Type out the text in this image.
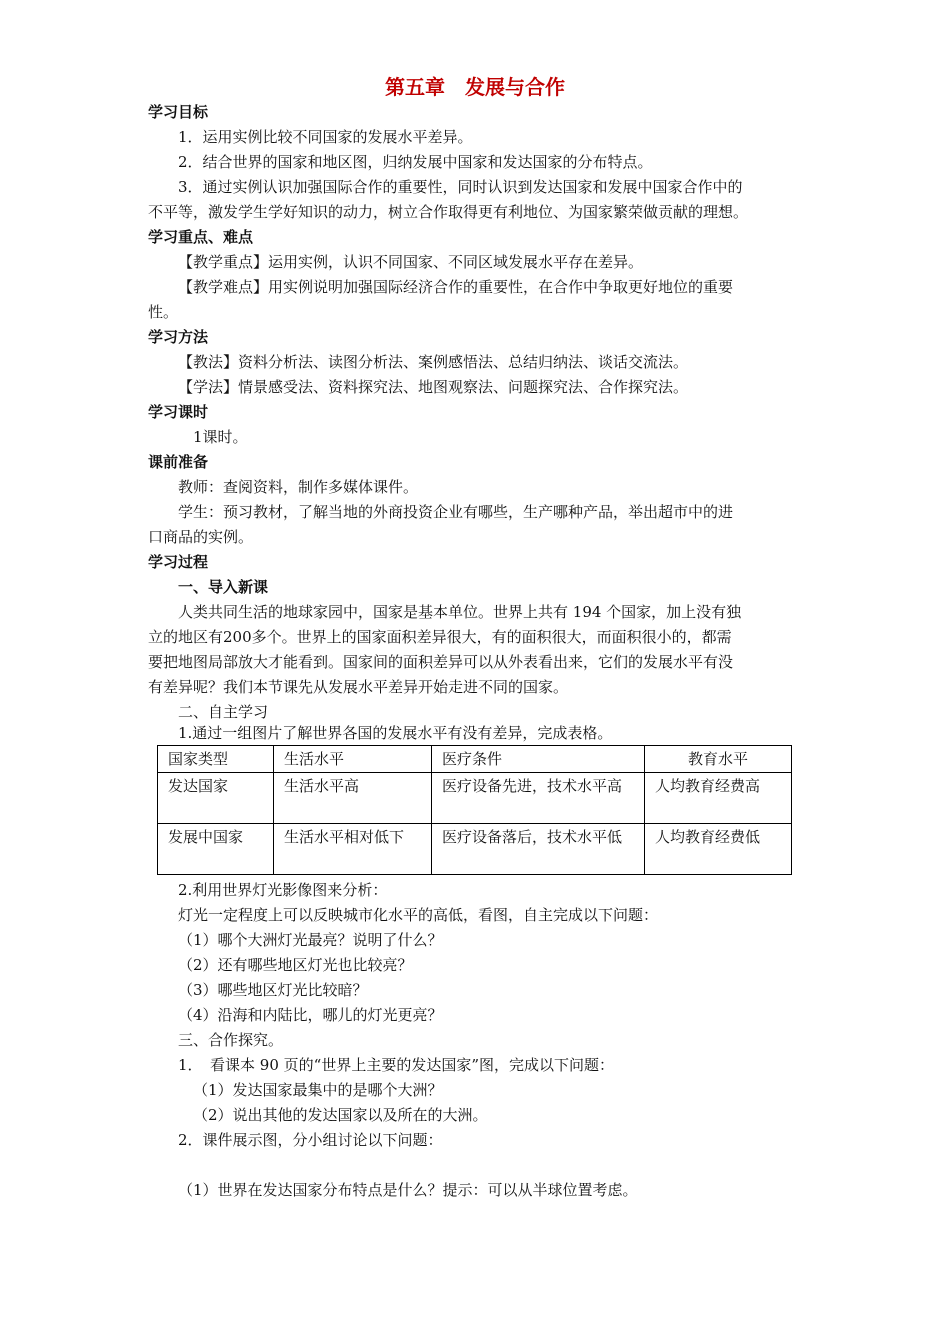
第五章　发展与合作
学习目标
1．运用实例比较不同国家的发展水平差异。
2．结合世界的国家和地区图，归纳发展中国家和发达国家的分布特点。
3．通过实例认识加强国际合作的重要性，同时认识到发达国家和发展中国家合作中的
不平等，激发学生学好知识的动力，树立合作取得更有利地位、为国家繁荣做贡献的理想。
学习重点、难点
【教学重点】运用实例，认识不同国家、不同区域发展水平存在差异。
【教学难点】用实例说明加强国际经济合作的重要性，在合作中争取更好地位的重要
性。
学习方法
【教法】资料分析法、读图分析法、案例感悟法、总结归纳法、谈话交流法。
【学法】情景感受法、资料探究法、地图观察法、问题探究法、合作探究法。
学习课时
1课时。
课前准备
教师：查阅资料，制作多媒体课件。
学生：预习教材，了解当地的外商投资企业有哪些，生产哪种产品，举出超市中的进
口商品的实例。
学习过程
一、导入新课
人类共同生活的地球家园中，国家是基本单位。世界上共有 194 个国家，加上没有独
立的地区有200多个。世界上的国家面积差异很大，有的面积很大，而面积很小的，都需
要把地图局部放大才能看到。国家间的面积差异可以从外表看出来，它们的发展水平有没
有差异呢？我们本节课先从发展水平差异开始走进不同的国家。
二、自主学习
1.通过一组图片了解世界各国的发展水平有没有差异，完成表格。
国家类型	生活水平	医疗条件	教育水平
发达国家	生活水平高	医疗设备先进，技术水平高	人均教育经费高
发展中国家	生活水平相对低下	医疗设备落后，技术水平低	人均教育经费低
2.利用世界灯光影像图来分析：
灯光一定程度上可以反映城市化水平的高低，看图，自主完成以下问题：
（1）哪个大洲灯光最亮？说明了什么？
（2）还有哪些地区灯光也比较亮？
（3）哪些地区灯光比较暗？
（4）沿海和内陆比，哪儿的灯光更亮？
三、合作探究。
1．　看课本 90 页的“世界上主要的发达国家”图，完成以下问题：
（1）发达国家最集中的是哪个大洲？
（2）说出其他的发达国家以及所在的大洲。
2．课件展示图，分小组讨论以下问题：
（1）世界在发达国家分布特点是什么？提示：可以从半球位置考虑。
